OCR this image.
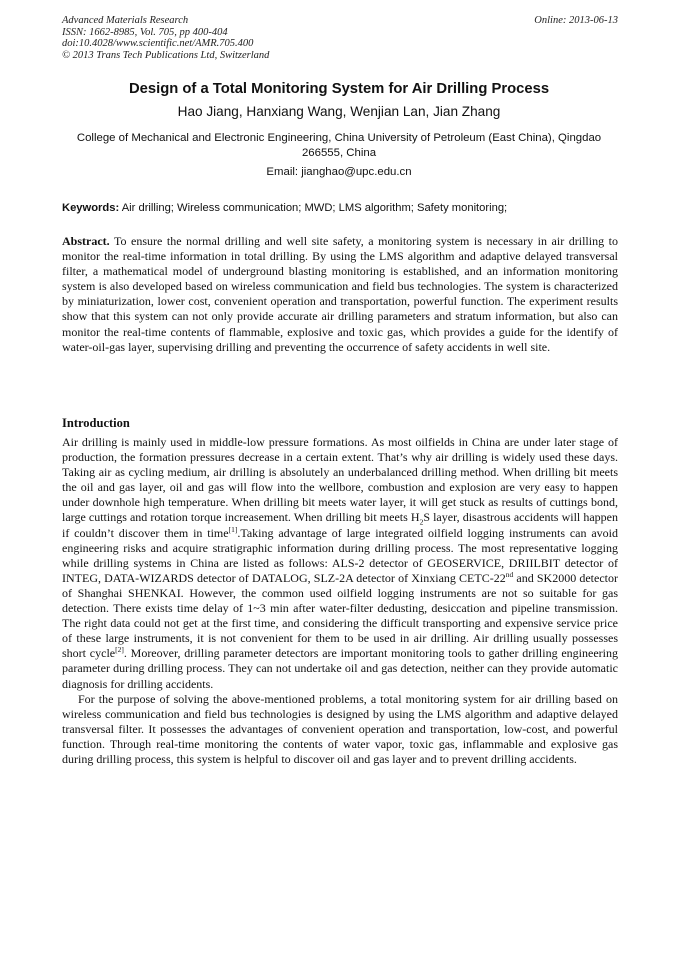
Advanced Materials Research
ISSN: 1662-8985, Vol. 705, pp 400-404
doi:10.4028/www.scientific.net/AMR.705.400
© 2013 Trans Tech Publications Ltd, Switzerland
Online: 2013-06-13
Design of a Total Monitoring System for Air Drilling Process
Hao Jiang, Hanxiang Wang, Wenjian Lan, Jian Zhang
College of Mechanical and Electronic Engineering, China University of Petroleum (East China), Qingdao 266555, China
Email: jianghao@upc.edu.cn
Keywords: Air drilling; Wireless communication; MWD; LMS algorithm; Safety monitoring;
Abstract. To ensure the normal drilling and well site safety, a monitoring system is necessary in air drilling to monitor the real-time information in total drilling. By using the LMS algorithm and adaptive delayed transversal filter, a mathematical model of underground blasting monitoring is established, and an information monitoring system is also developed based on wireless communication and field bus technologies. The system is characterized by miniaturization, lower cost, convenient operation and transportation, powerful function. The experiment results show that this system can not only provide accurate air drilling parameters and stratum information, but also can monitor the real-time contents of flammable, explosive and toxic gas, which provides a guide for the identify of water-oil-gas layer, supervising drilling and preventing the occurrence of safety accidents in well site.
Introduction

Air drilling is mainly used in middle-low pressure formations. As most oilfields in China are under later stage of production, the formation pressures decrease in a certain extent. That’s why air drilling is widely used these days. Taking air as cycling medium, air drilling is absolutely an underbalanced drilling method. When drilling bit meets the oil and gas layer, oil and gas will flow into the wellbore, combustion and explosion are very easy to happen under downhole high temperature. When drilling bit meets water layer, it will get stuck as results of cuttings bond, large cuttings and rotation torque increasement. When drilling bit meets $H_2S$ layer, disastrous accidents will happen if couldn’t discover them in time[1].Taking advantage of large integrated oilfield logging instruments can avoid engineering risks and acquire stratigraphic information during drilling process. The most representative logging while drilling systems in China are listed as follows: ALS-2 detector of GEOSERVICE, DRIILBIT detector of INTEG, DATA-WIZARDS detector of DATALOG, SLZ-2A detector of Xinxiang CETC-22nd and SK2000 detector of Shanghai SHENKAI. However, the common used oilfield logging instruments are not so suitable for gas detection. There exists time delay of 1~3 min after water-filter dedusting, desiccation and pipeline transmission. The right data could not get at the first time, and considering the difficult transporting and expensive service price of these large instruments, it is not convenient for them to be used in air drilling. Air drilling usually possesses short cycle[2]. Moreover, drilling parameter detectors are important monitoring tools to gather drilling engineering parameter during drilling process. They can not undertake oil and gas detection, neither can they provide automatic diagnosis for drilling accidents.

For the purpose of solving the above-mentioned problems, a total monitoring system for air drilling based on wireless communication and field bus technologies is designed by using the LMS algorithm and adaptive delayed transversal filter. It possesses the advantages of convenient operation and transportation, low-cost, and powerful function. Through real-time monitoring the contents of water vapor, toxic gas, inflammable and explosive gas during drilling process, this system is helpful to discover oil and gas layer and to prevent drilling accidents.
